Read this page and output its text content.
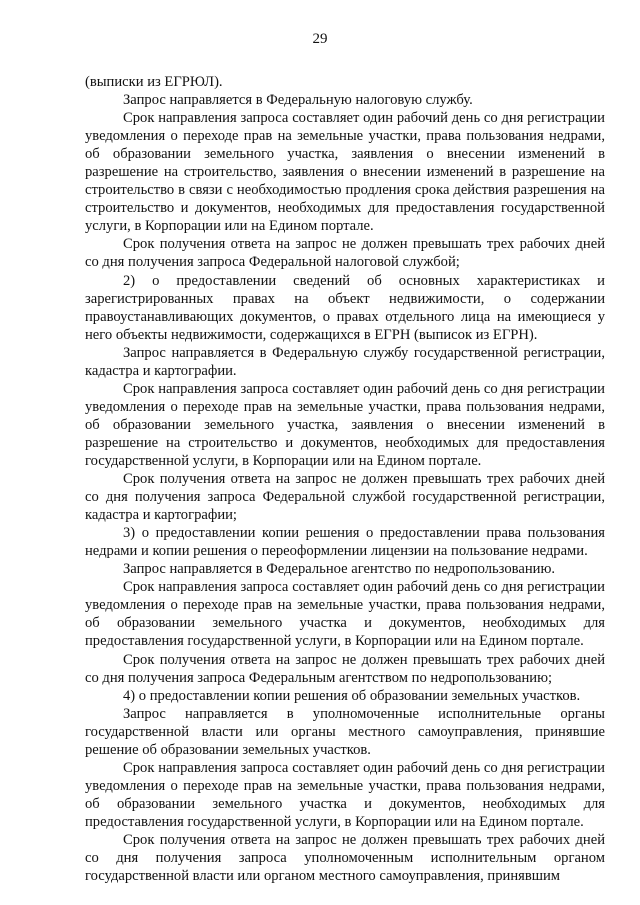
29

(выписки из ЕГРЮЛ).

Запрос направляется в Федеральную налоговую службу.

Срок направления запроса составляет один рабочий день со дня регистрации уведомления о переходе прав на земельные участки, права пользования недрами, об образовании земельного участка, заявления о внесении изменений в разрешение на строительство, заявления о внесении изменений в разрешение на строительство в связи с необходимостью продления срока действия разрешения на строительство и документов, необходимых для предоставления государственной услуги, в Корпорации или на Едином портале.

Срок получения ответа на запрос не должен превышать трех рабочих дней со дня получения запроса Федеральной налоговой службой;

2) о предоставлении сведений об основных характеристиках и зарегистрированных правах на объект недвижимости, о содержании правоустанавливающих документов, о правах отдельного лица на имеющиеся у него объекты недвижимости, содержащихся в ЕГРН (выписок из ЕГРН).

Запрос направляется в Федеральную службу государственной регистрации, кадастра и картографии.

Срок направления запроса составляет один рабочий день со дня регистрации уведомления о переходе прав на земельные участки, права пользования недрами, об образовании земельного участка, заявления о внесении изменений в разрешение на строительство и документов, необходимых для предоставления государственной услуги, в Корпорации или на Едином портале.

Срок получения ответа на запрос не должен превышать трех рабочих дней со дня получения запроса Федеральной службой государственной регистрации, кадастра и картографии;

3) о предоставлении копии решения о предоставлении права пользования недрами и копии решения о переоформлении лицензии на пользование недрами.

Запрос направляется в Федеральное агентство по недропользованию.

Срок направления запроса составляет один рабочий день со дня регистрации уведомления о переходе прав на земельные участки, права пользования недрами, об образовании земельного участка и документов, необходимых для предоставления государственной услуги, в Корпорации или на Едином портале.

Срок получения ответа на запрос не должен превышать трех рабочих дней со дня получения запроса Федеральным агентством по недропользованию;

4) о предоставлении копии решения об образовании земельных участков.

Запрос направляется в уполномоченные исполнительные органы государственной власти или органы местного самоуправления, принявшие решение об образовании земельных участков.

Срок направления запроса составляет один рабочий день со дня регистрации уведомления о переходе прав на земельные участки, права пользования недрами, об образовании земельного участка и документов, необходимых для предоставления государственной услуги, в Корпорации или на Едином портале.

Срок получения ответа на запрос не должен превышать трех рабочих дней со дня получения запроса уполномоченным исполнительным органом государственной власти или органом местного самоуправления, принявшим
